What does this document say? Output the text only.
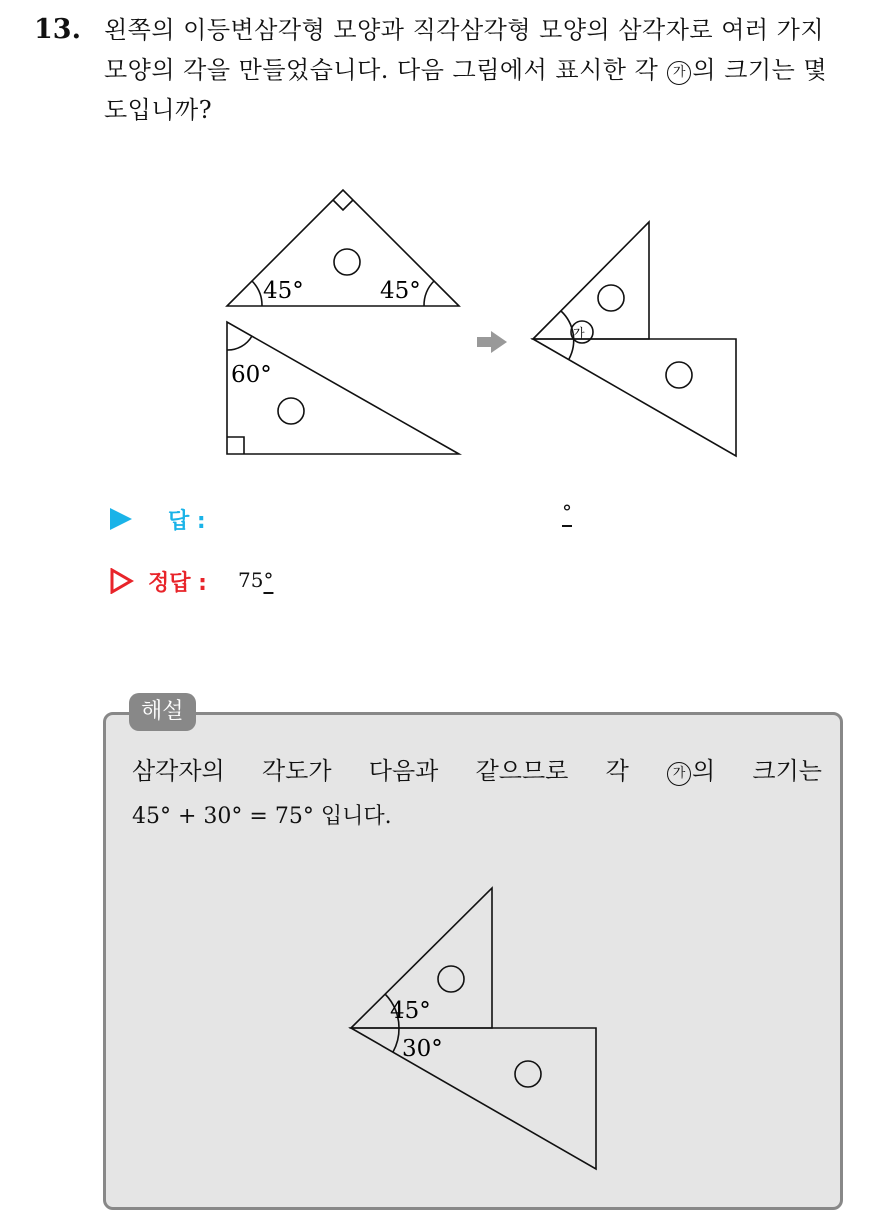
13. 왼쪽의 이등변삼각형 모양과 직각삼각형 모양의 삼각자로 여러 가지
모양의 각을 만들었습니다. 다음 그림에서 표시한 각 가 의 크기는 몇
도입니까?
45°	45°
60°
가
답 :	°
정답 : 75°
해설
삼각자의 각도가 다음과 같으므로 각	가 의 크기는
45° + 30° = 75° 입니다.
45°
30°
